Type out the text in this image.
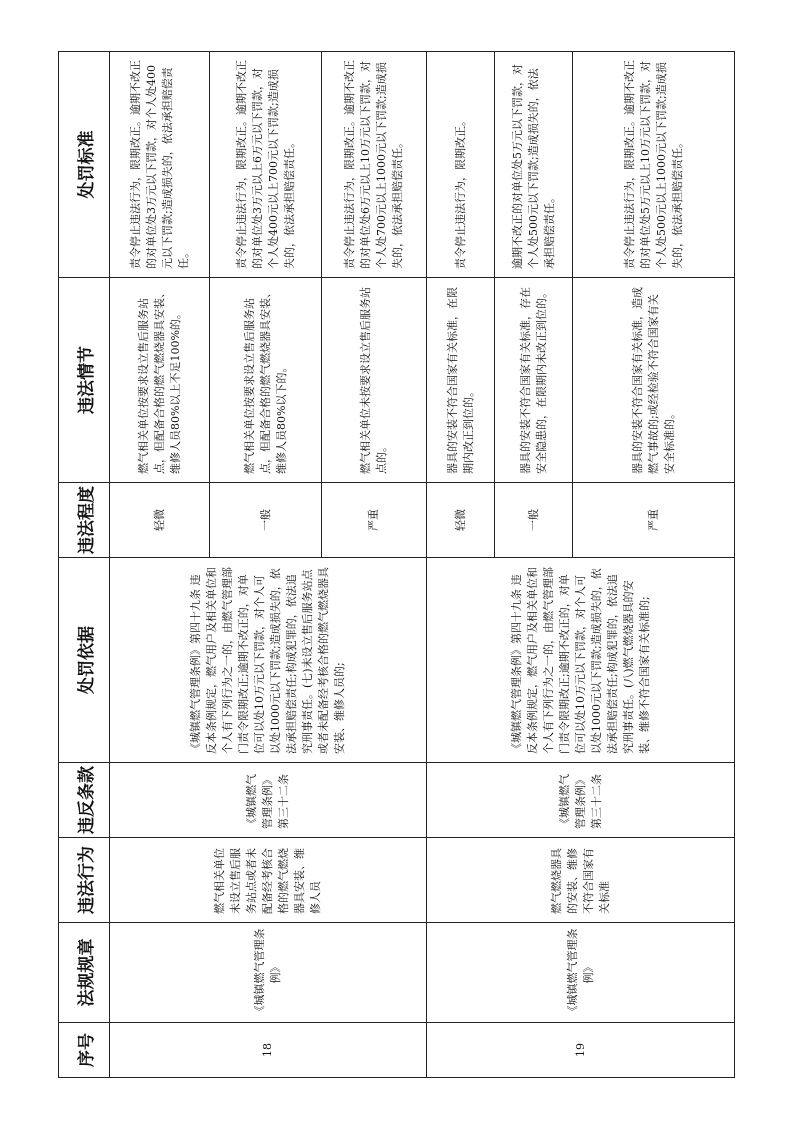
序号	法规规章	违法行为	违反条款	处罚依据	违法程度	违法情节	处罚标准
18	《城镇燃气管理条例》	燃气相关单位未设立售后服务站点或者未配备经考核合格的燃气燃烧器具安装、维修人员	《城镇燃气管理条例》第三十二条	《城镇燃气管理条例》第四十九条 违反本条例规定，燃气用户及相关单位和个人有下列行为之一的，由燃气管理部门责令限期改正;逾期不改正的，对单位可以处10万元以下罚款，对个人可以处1000元以下罚款;造成损失的，依法承担赔偿责任;构成犯罪的，依法追究刑事责任。(七)未设立售后服务站点或者未配备经考核合格的燃气燃烧器具安装、维修人员的;	轻微	燃气相关单位按要求设立售后服务站点，但配备合格的燃气燃烧器具安装、维修人员80%以上不足100%的。	责令停止违法行为，限期改正。逾期不改正的对单位处3万元以下罚款，对个人处400元以下罚款;造成损失的，依法承担赔偿责任。
					一般	燃气相关单位按要求设立售后服务站点，但配备合格的燃气燃烧器具安装、维修人员80%以下的。	责令停止违法行为，限期改正。逾期不改正的对单位处3万元以上6万元以下罚款，对个人处400元以上700元以下罚款;造成损失的，依法承担赔偿责任。
					严重	燃气相关单位未按要求设立售后服务站点的。	责令停止违法行为，限期改正。逾期不改正的对单位处6万元以上10万元以下罚款，对个人处700元以上1000元以下罚款;造成损失的，依法承担赔偿责任。
19	《城镇燃气管理条例》	燃气燃烧器具的安装、维修不符合国家有关标准	《城镇燃气管理条例》第三十二条	《城镇燃气管理条例》第四十九条 违反本条例规定，燃气用户及相关单位和个人有下列行为之一的，由燃气管理部门责令限期改正;逾期不改正的，对单位可以处10万元以下罚款，对个人可以处1000元以下罚款;造成损失的，依法承担赔偿责任;构成犯罪的，依法追究刑事责任。(八)燃气燃烧器具的安装、维修不符合国家有关标准的;	轻微	器具的安装不符合国家有关标准，在限期内改正到位的。	责令停止违法行为，限期改正。
					一般	器具的安装不符合国家有关标准，存在安全隐患的，在限期内未改正到位的。	逾期不改正的对单位处5万元以下罚款，对个人处500元以下罚款;造成损失的，依法承担赔偿责任。
					严重	器具的安装不符合国家有关标准，造成燃气事故的;或经检验不符合国家有关安全标准的。	责令停止违法行为，限期改正。逾期不改正的对单位处5万元以上10万元以下罚款，对个人处500元以上1000元以下罚款;造成损失的，依法承担赔偿责任。
